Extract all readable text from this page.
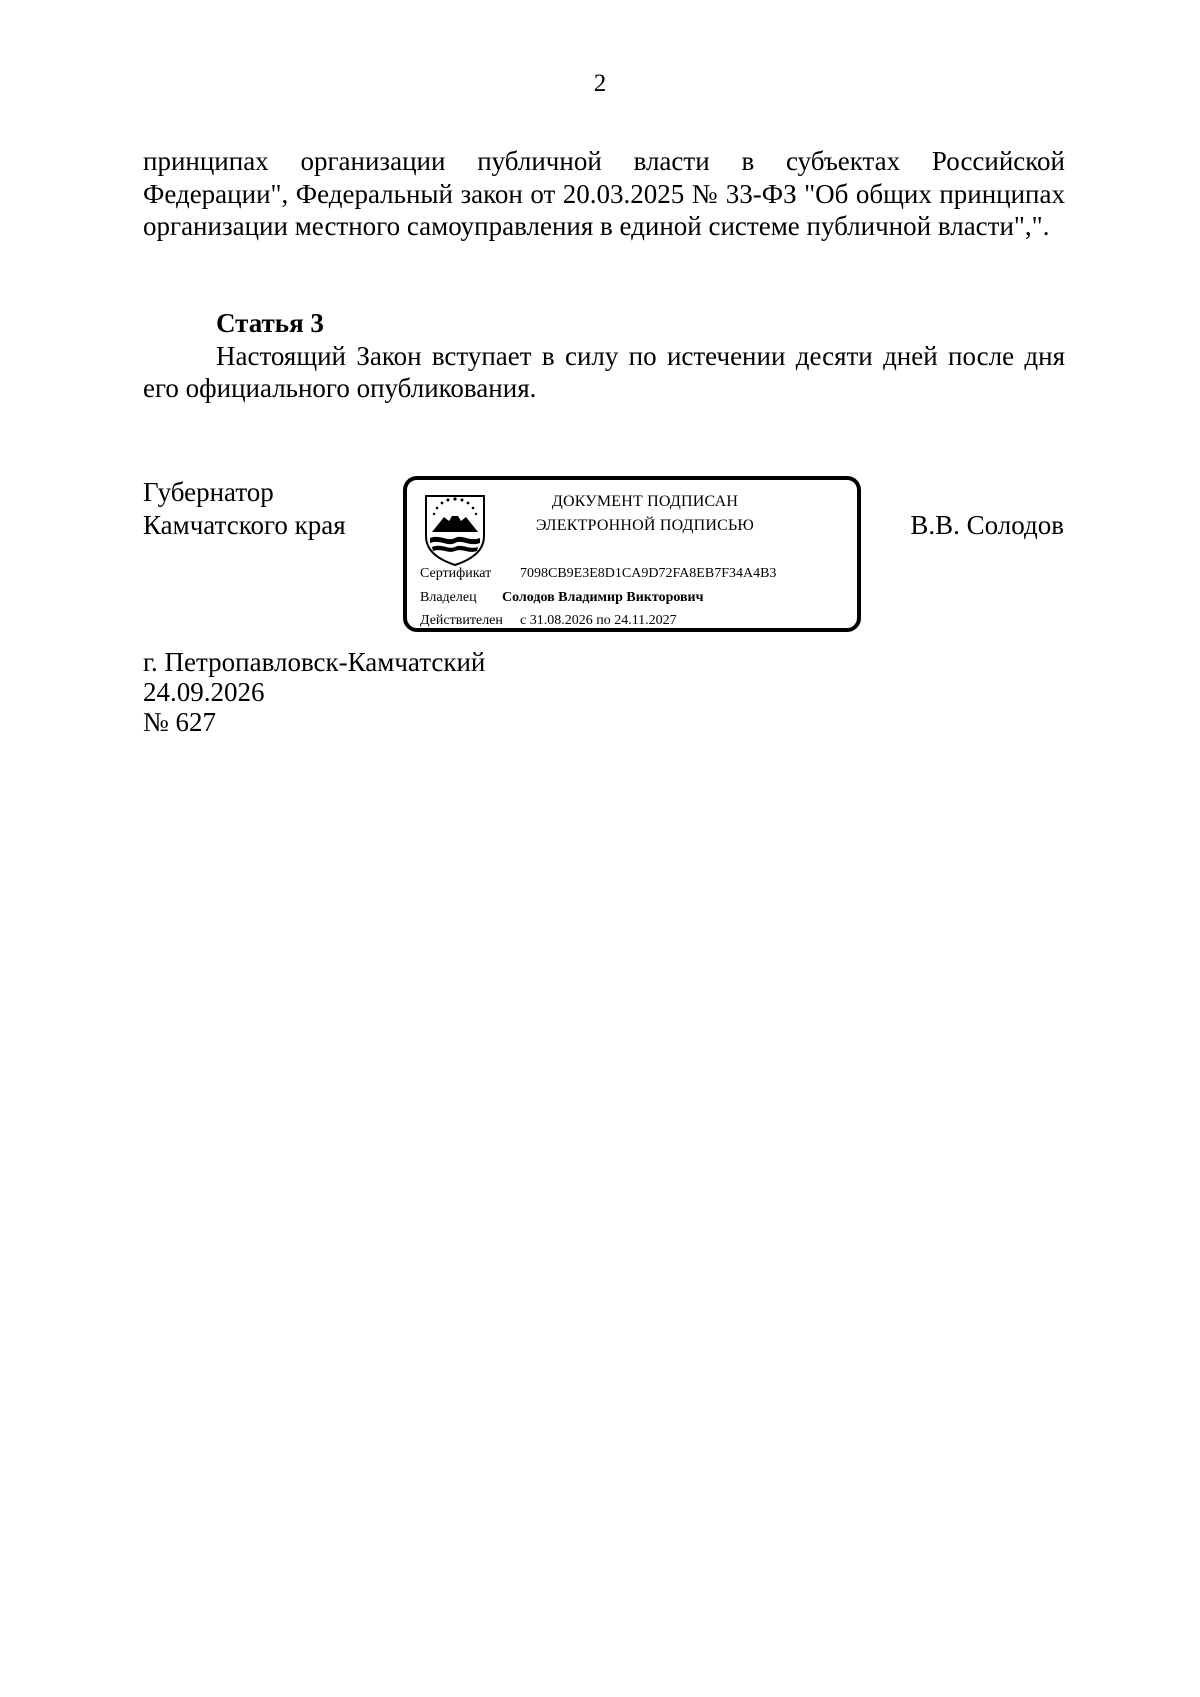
2

принципах организации публичной власти в субъектах Российской Федерации", Федеральный закон от 20.03.2025 № 33-ФЗ "Об общих принципах организации местного самоуправления в единой системе публичной власти",".

Статья 3
Настоящий Закон вступает в силу по истечении десяти дней после дня его официального опубликования.
Губернатор
Камчатского края
ДОКУМЕНТ ПОДПИСАН
ЭЛЕКТРОННОЙ ПОДПИСЬЮ
Сертификат 7098CB9E3E8D1CA9D72FA8EB7F34A4B3
Владелец Солодов Владимир Викторович
Действителен с 31.08.2026 по 24.11.2027
В.В. Солодов
г. Петропавловск-Камчатский
24.09.2026
№ 627
